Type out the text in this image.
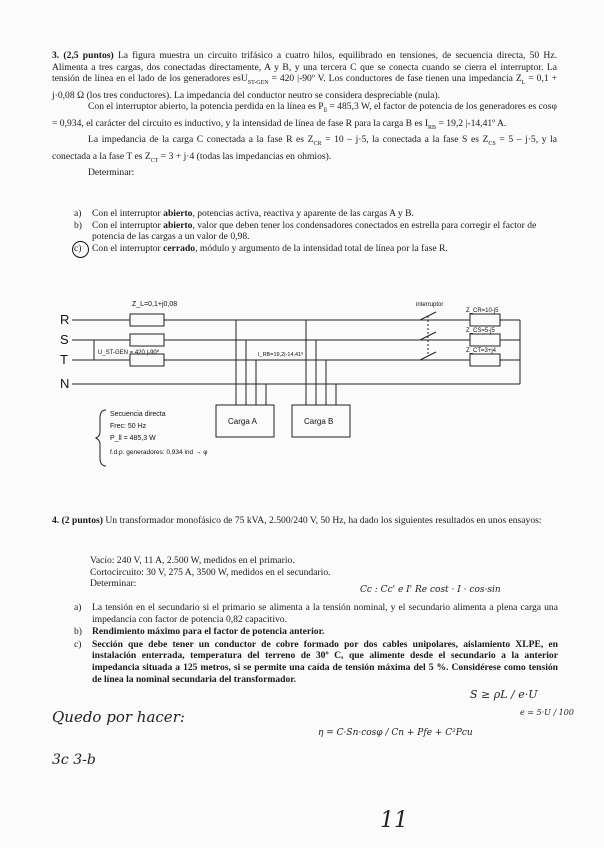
3. (2,5 puntos) La figura muestra un circuito trifásico a cuatro hilos, equilibrado en tensiones, de secuencia directa, 50 Hz. Alimenta a tres cargas, dos conectadas directamente, A y B, y una tercera C que se conecta cuando se cierra el interruptor. La tensión de línea en el lado de los generadores esU$_{ST-GEN}$ = 420 |-90º V. Los conductores de fase tienen una impedancia $Z_L = 0,1 + j\cdot 0,08$ Ω (los tres conductores). La impedancia del conductor neutro se considera despreciable (nula).

Con el interruptor abierto, la potencia perdida en la línea es $P_{ll} = 485,3$ W, el factor de potencia de los generadores es cosφ = 0,934, el carácter del circuito es inductivo, y la intensidad de línea de fase R para la carga B es $I_{RB} = 19,2$ |-14,41º A.

La impedancia de la carga C conectada a la fase R es $Z_{CR} = 10 - j\cdot 5$, la conectada a la fase S es $Z_{CS} = 5 - j\cdot 5$, y la conectada a la fase T es $Z_{CT} = 3 + j\cdot 4$ (todas las impedancias en ohmios).

Determinar:

a) Con el interruptor abierto, potencias activa, reactiva y aparente de las cargas A y B.

b) Con el interruptor abierto, valor que deben tener los condensadores conectados en estrella para corregir el factor de potencia de las cargas a un valor de 0,98.

c) Con el interruptor cerrado, módulo y argumento de la intensidad total de línea por la fase R.

R
S
T
N
Z_L=0,1+j0,08	interruptor
Z_CR=10-j5
Z_CS=5-j5
Z_CT=3+j4
U_ST-GEN = 420 |-90º	I_RB=19,2|-14,41º
Carga A	Carga B
Secuencia directa
Frec: 50 Hz
P_ll = 485,3 W
f.d.p. generadores: 0,934 ind → φ
4. (2 puntos) Un transformador monofásico de 75 kVA, 2.500/240 V, 50 Hz, ha dado los siguientes resultados en unos ensayos:
Vacío: 240 V, 11 A, 2.500 W, medidos en el primario.
Cortocircuito: 30 V, 275 A, 3500 W, medidos en el secundario.
Determinar:

a) La tensión en el secundario si el primario se alimenta a la tensión nominal, y el secundario alimenta a plena carga una impedancia con factor de potencia 0,82 capacitivo.

b) Rendimiento máximo para el factor de potencia anterior.

c) Sección que debe tener un conductor de cobre formado por dos cables unipolares, aislamiento XLPE, en instalación enterrada, temperatura del terreno de 30º C, que alimente desde el secundario a la anterior impedancia situada a 125 metros, si se permite una caída de tensión máxima del 5 %. Considérese como tensión de línea la nominal secundaria del transformador.

Cc : Cc' e I' Re cost · I · cos·sin
Quedo por hacer:
3c 3-b
η = C·Sn·cosφ / Cn + Pfe + C²Pcu
S ≥ ρL / e·U
e = 5·U / 100
11
